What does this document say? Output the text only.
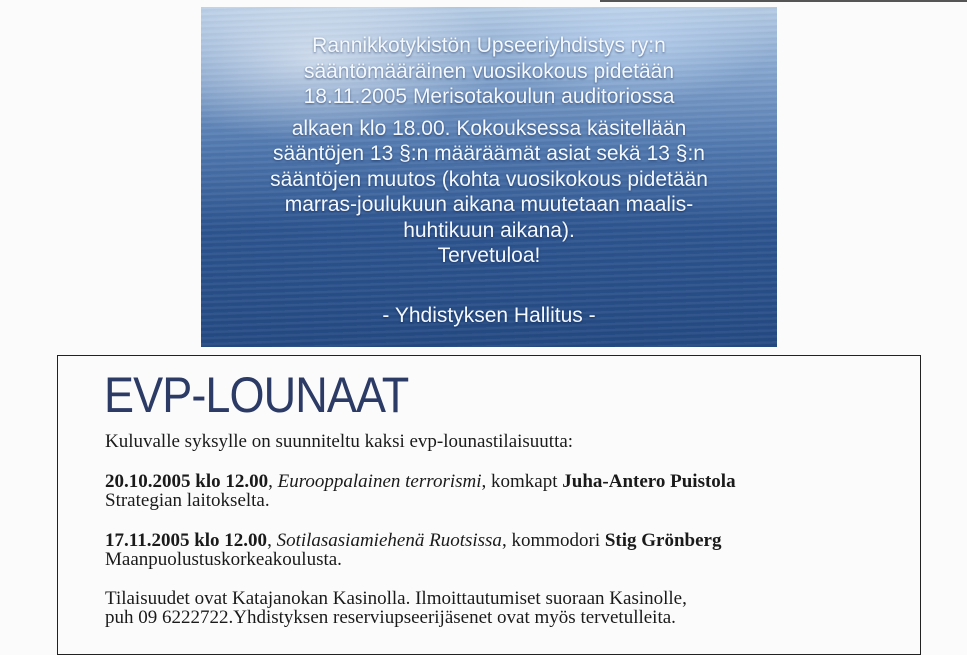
Rannikkotykistön Upseeriyhdistys ry:n
sääntömääräinen vuosikokous pidetään
18.11.2005 Merisotakoulun auditoriossa
alkaen klo 18.00. Kokouksessa käsitellään
sääntöjen 13 §:n määräämät asiat sekä 13 §:n
sääntöjen muutos (kohta vuosikokous pidetään
marras-joulukuun aikana muutetaan maalis-
huhtikuun aikana).
Tervetuloa!
- Yhdistyksen Hallitus -
EVP-LOUNAAT

Kuluvalle syksylle on suunniteltu kaksi evp-lounastilaisuutta:

20.10.2005 klo 12.00, Eurooppalainen terrorismi, komkapt Juha-Antero Puistola
Strategian laitokselta.

17.11.2005 klo 12.00, Sotilasasiamiehenä Ruotsissa, kommodori Stig Grönberg
Maanpuolustuskorkeakoulusta.

Tilaisuudet ovat Katajanokan Kasinolla. Ilmoittautumiset suoraan Kasinolle,
puh 09 6222722.Yhdistyksen reserviupseerijäsenet ovat myös tervetulleita.
